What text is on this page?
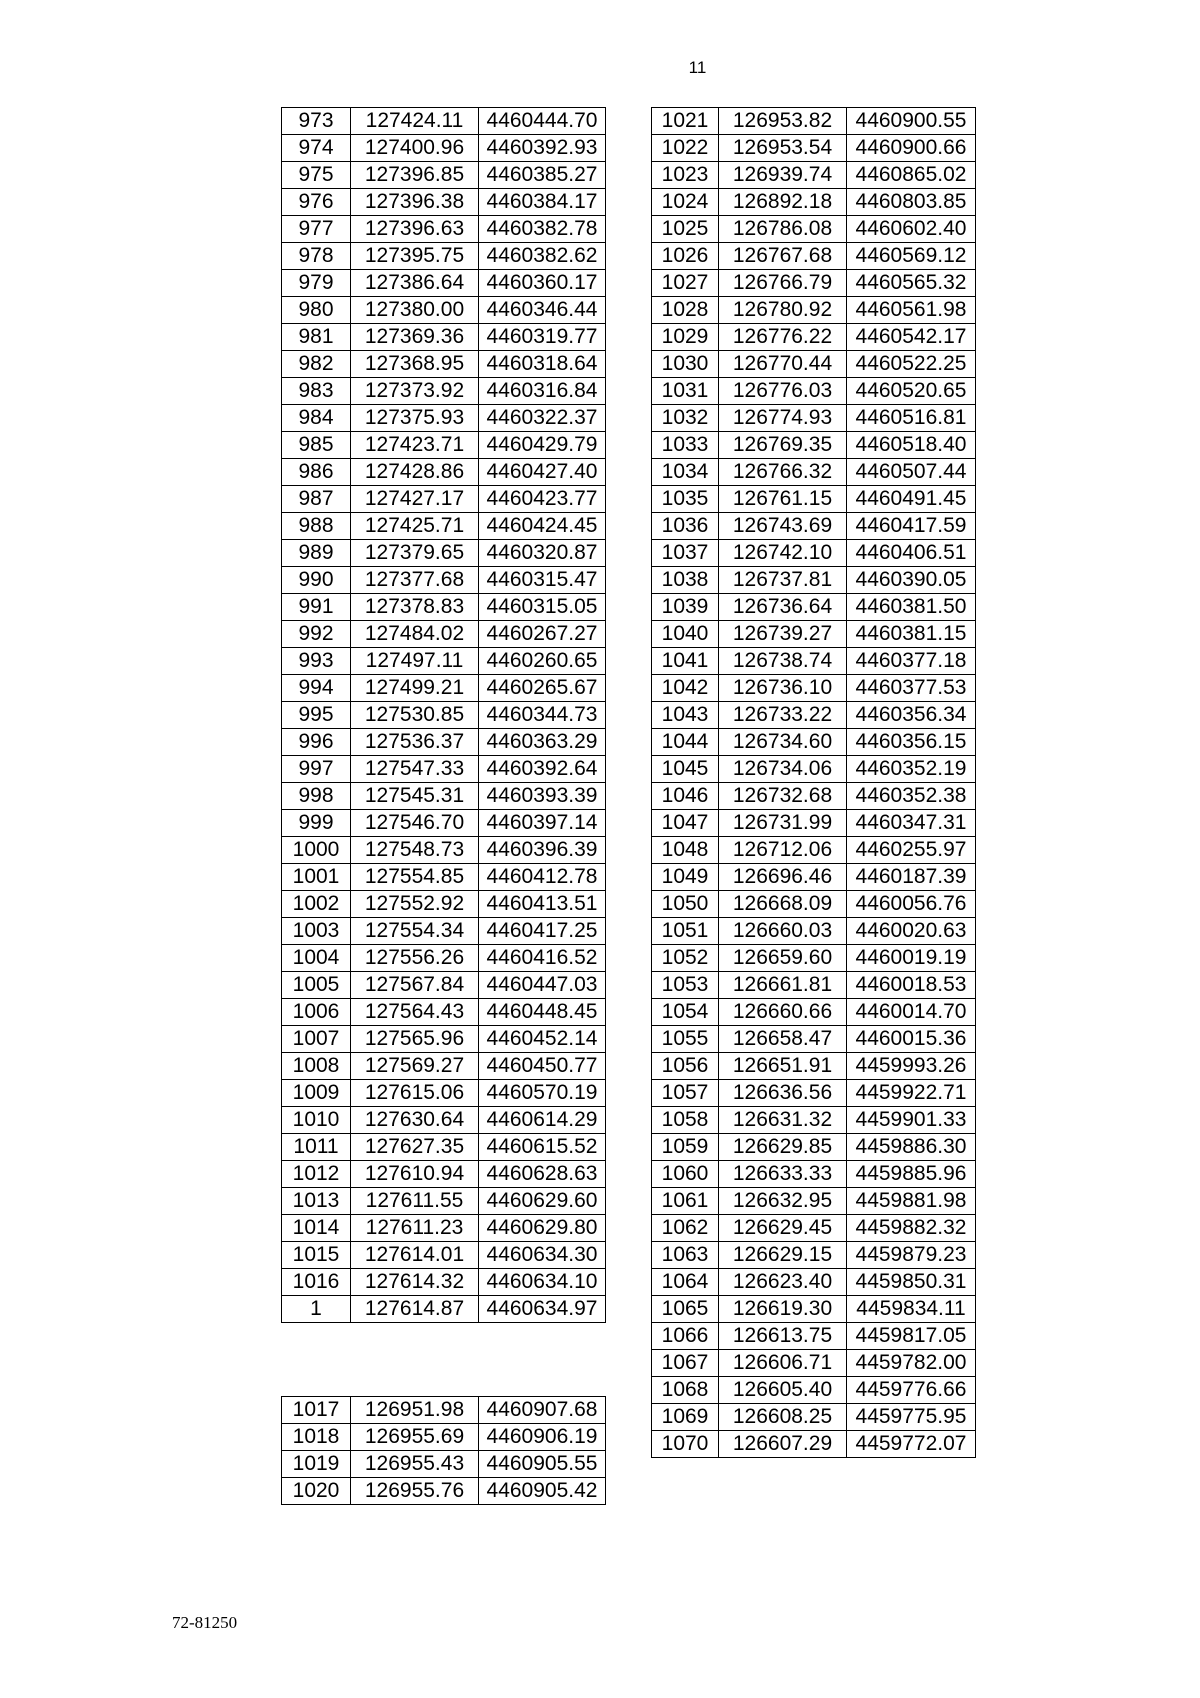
11
973	127424.11	4460444.70
974	127400.96	4460392.93
975	127396.85	4460385.27
976	127396.38	4460384.17
977	127396.63	4460382.78
978	127395.75	4460382.62
979	127386.64	4460360.17
980	127380.00	4460346.44
981	127369.36	4460319.77
982	127368.95	4460318.64
983	127373.92	4460316.84
984	127375.93	4460322.37
985	127423.71	4460429.79
986	127428.86	4460427.40
987	127427.17	4460423.77
988	127425.71	4460424.45
989	127379.65	4460320.87
990	127377.68	4460315.47
991	127378.83	4460315.05
992	127484.02	4460267.27
993	127497.11	4460260.65
994	127499.21	4460265.67
995	127530.85	4460344.73
996	127536.37	4460363.29
997	127547.33	4460392.64
998	127545.31	4460393.39
999	127546.70	4460397.14
1000	127548.73	4460396.39
1001	127554.85	4460412.78
1002	127552.92	4460413.51
1003	127554.34	4460417.25
1004	127556.26	4460416.52
1005	127567.84	4460447.03
1006	127564.43	4460448.45
1007	127565.96	4460452.14
1008	127569.27	4460450.77
1009	127615.06	4460570.19
1010	127630.64	4460614.29
1011	127627.35	4460615.52
1012	127610.94	4460628.63
1013	127611.55	4460629.60
1014	127611.23	4460629.80
1015	127614.01	4460634.30
1016	127614.32	4460634.10
1	127614.87	4460634.97
1017	126951.98	4460907.68
1018	126955.69	4460906.19
1019	126955.43	4460905.55
1020	126955.76	4460905.42
1021	126953.82	4460900.55
1022	126953.54	4460900.66
1023	126939.74	4460865.02
1024	126892.18	4460803.85
1025	126786.08	4460602.40
1026	126767.68	4460569.12
1027	126766.79	4460565.32
1028	126780.92	4460561.98
1029	126776.22	4460542.17
1030	126770.44	4460522.25
1031	126776.03	4460520.65
1032	126774.93	4460516.81
1033	126769.35	4460518.40
1034	126766.32	4460507.44
1035	126761.15	4460491.45
1036	126743.69	4460417.59
1037	126742.10	4460406.51
1038	126737.81	4460390.05
1039	126736.64	4460381.50
1040	126739.27	4460381.15
1041	126738.74	4460377.18
1042	126736.10	4460377.53
1043	126733.22	4460356.34
1044	126734.60	4460356.15
1045	126734.06	4460352.19
1046	126732.68	4460352.38
1047	126731.99	4460347.31
1048	126712.06	4460255.97
1049	126696.46	4460187.39
1050	126668.09	4460056.76
1051	126660.03	4460020.63
1052	126659.60	4460019.19
1053	126661.81	4460018.53
1054	126660.66	4460014.70
1055	126658.47	4460015.36
1056	126651.91	4459993.26
1057	126636.56	4459922.71
1058	126631.32	4459901.33
1059	126629.85	4459886.30
1060	126633.33	4459885.96
1061	126632.95	4459881.98
1062	126629.45	4459882.32
1063	126629.15	4459879.23
1064	126623.40	4459850.31
1065	126619.30	4459834.11
1066	126613.75	4459817.05
1067	126606.71	4459782.00
1068	126605.40	4459776.66
1069	126608.25	4459775.95
1070	126607.29	4459772.07
72-81250
